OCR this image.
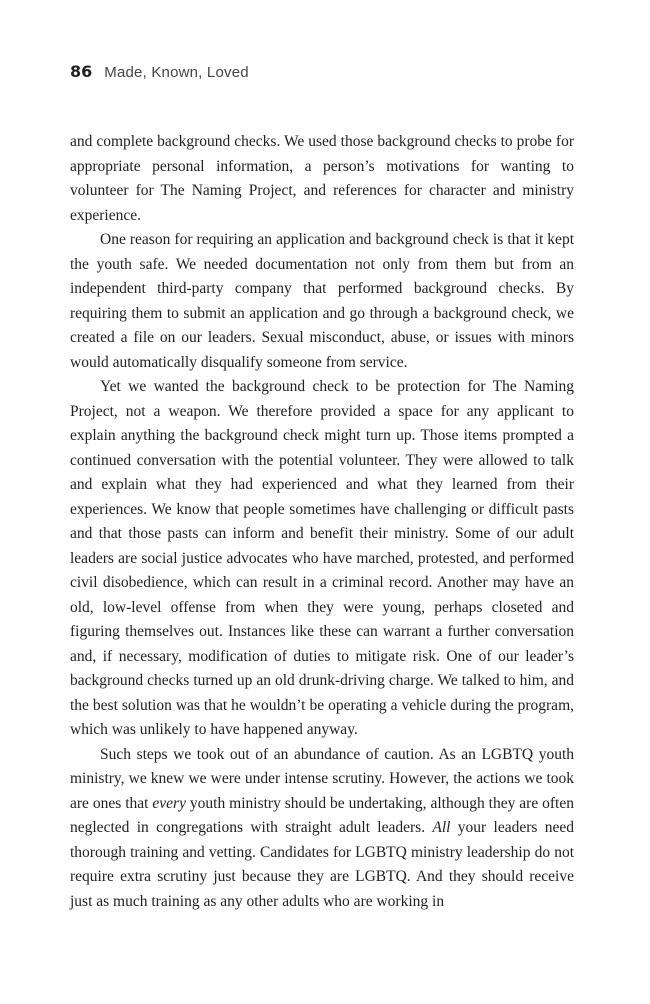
86 Made, Known, Loved

and complete background checks. We used those background checks to probe for appropriate personal information, a person’s motivations for wanting to volunteer for The Naming Project, and references for character and ministry experience.

One reason for requiring an application and background check is that it kept the youth safe. We needed documentation not only from them but from an independent third-party company that performed background checks. By requiring them to submit an application and go through a background check, we created a file on our leaders. Sexual misconduct, abuse, or issues with minors would automatically disqualify someone from service.

Yet we wanted the background check to be protection for The Naming Project, not a weapon. We therefore provided a space for any applicant to explain anything the background check might turn up. Those items prompted a continued conversation with the potential volunteer. They were allowed to talk and explain what they had experienced and what they learned from their experiences. We know that people sometimes have challenging or difficult pasts and that those pasts can inform and benefit their ministry. Some of our adult leaders are social justice advocates who have marched, protested, and performed civil disobedience, which can result in a criminal record. Another may have an old, low-level offense from when they were young, perhaps closeted and figuring themselves out. Instances like these can warrant a further conversation and, if necessary, modification of duties to mitigate risk. One of our leader’s background checks turned up an old drunk-driving charge. We talked to him, and the best solution was that he wouldn’t be operating a vehicle during the program, which was unlikely to have happened anyway.

Such steps we took out of an abundance of caution. As an LGBTQ youth ministry, we knew we were under intense scrutiny. However, the actions we took are ones that every youth ministry should be undertaking, although they are often neglected in congregations with straight adult leaders. All your leaders need thorough training and vetting. Candidates for LGBTQ ministry leadership do not require extra scrutiny just because they are LGBTQ. And they should receive just as much training as any other adults who are working in
